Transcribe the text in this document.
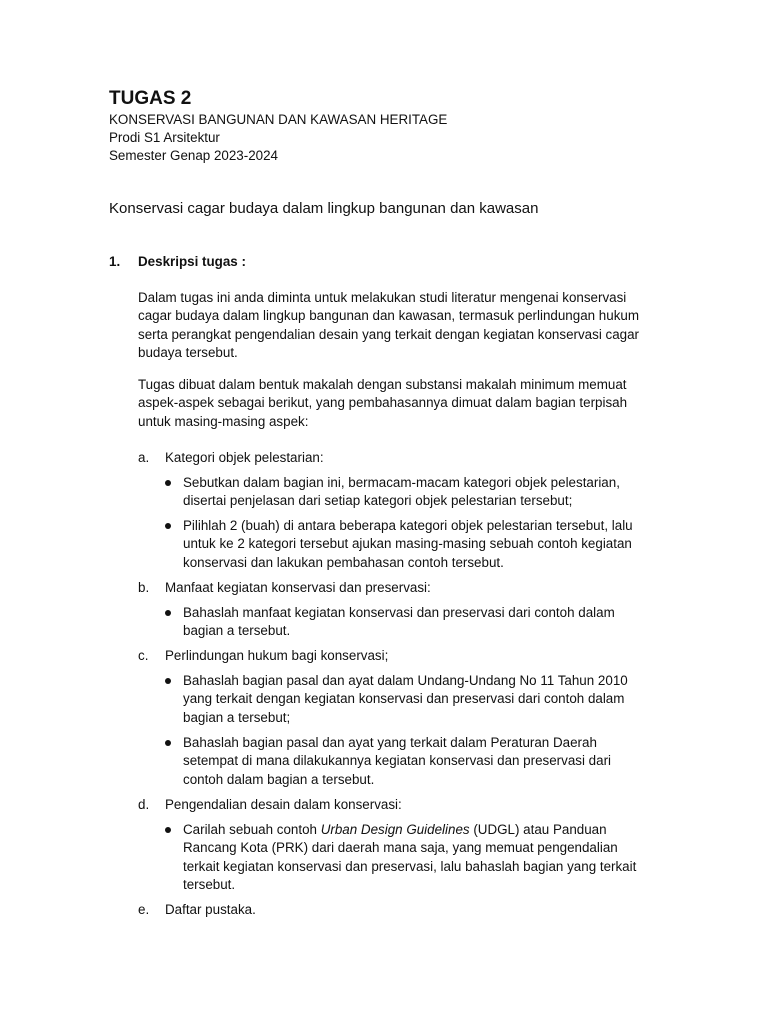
TUGAS 2
KONSERVASI BANGUNAN DAN KAWASAN HERITAGE
Prodi S1 Arsitektur
Semester Genap 2023-2024
Konservasi cagar budaya dalam lingkup bangunan dan kawasan
1. Deskripsi tugas :
Dalam tugas ini anda diminta untuk melakukan studi literatur mengenai konservasi
cagar budaya dalam lingkup bangunan dan kawasan, termasuk perlindungan hukum
serta perangkat pengendalian desain yang terkait dengan kegiatan konservasi cagar
budaya tersebut.
Tugas dibuat dalam bentuk makalah dengan substansi makalah minimum memuat
aspek-aspek sebagai berikut, yang pembahasannya dimuat dalam bagian terpisah
untuk masing-masing aspek:
a. Kategori objek pelestarian:
Sebutkan dalam bagian ini, bermacam-macam kategori objek pelestarian,
disertai penjelasan dari setiap kategori objek pelestarian tersebut;
Pilihlah 2 (buah) di antara beberapa kategori objek pelestarian tersebut, lalu
untuk ke 2 kategori tersebut ajukan masing-masing sebuah contoh kegiatan
konservasi dan lakukan pembahasan contoh tersebut.
b. Manfaat kegiatan konservasi dan preservasi:
Bahaslah manfaat kegiatan konservasi dan preservasi dari contoh dalam
bagian a tersebut.
c. Perlindungan hukum bagi konservasi;
Bahaslah bagian pasal dan ayat dalam Undang-Undang No 11 Tahun 2010
yang terkait dengan kegiatan konservasi dan preservasi dari contoh dalam
bagian a tersebut;
Bahaslah bagian pasal dan ayat yang terkait dalam Peraturan Daerah
setempat di mana dilakukannya kegiatan konservasi dan preservasi dari
contoh dalam bagian a tersebut.
d. Pengendalian desain dalam konservasi:
Carilah sebuah contoh Urban Design Guidelines (UDGL) atau Panduan
Rancang Kota (PRK) dari daerah mana saja, yang memuat pengendalian
terkait kegiatan konservasi dan preservasi, lalu bahaslah bagian yang terkait
tersebut.
e. Daftar pustaka.
